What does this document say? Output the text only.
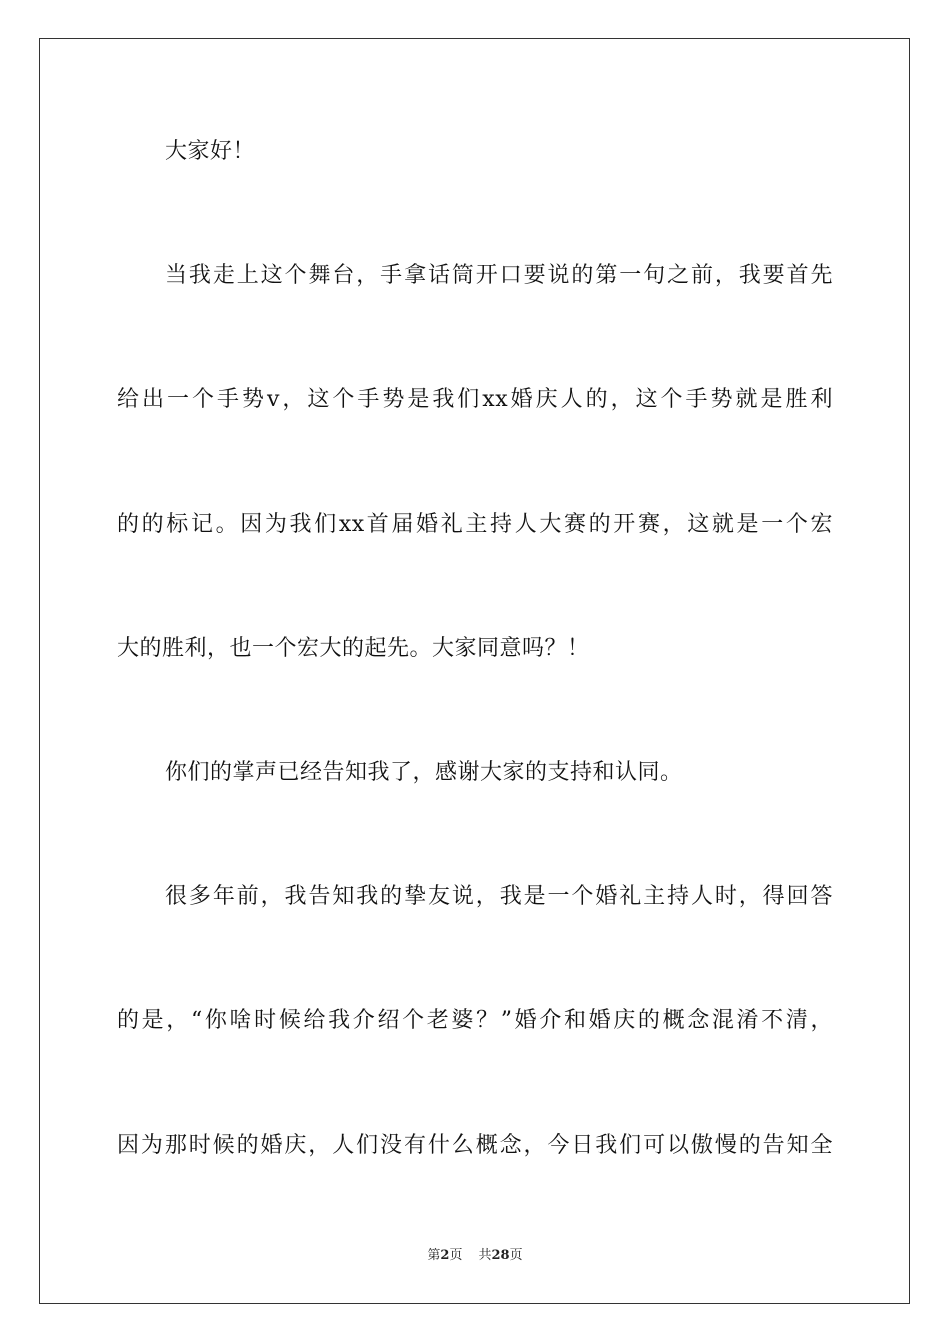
大家好！
当我走上这个舞台，手拿话筒开口要说的第一句之前，我要首先
给出一个手势v，这个手势是我们xx婚庆人的，这个手势就是胜利
的的标记。因为我们xx首届婚礼主持人大赛的开赛，这就是一个宏
大的胜利，也一个宏大的起先。大家同意吗？！
你们的掌声已经告知我了，感谢大家的支持和认同。
很多年前，我告知我的挚友说，我是一个婚礼主持人时，得回答
的是，“你啥时候给我介绍个老婆？”婚介和婚庆的概念混淆不清，
因为那时候的婚庆，人们没有什么概念，今日我们可以傲慢的告知全
第2页 共28页
